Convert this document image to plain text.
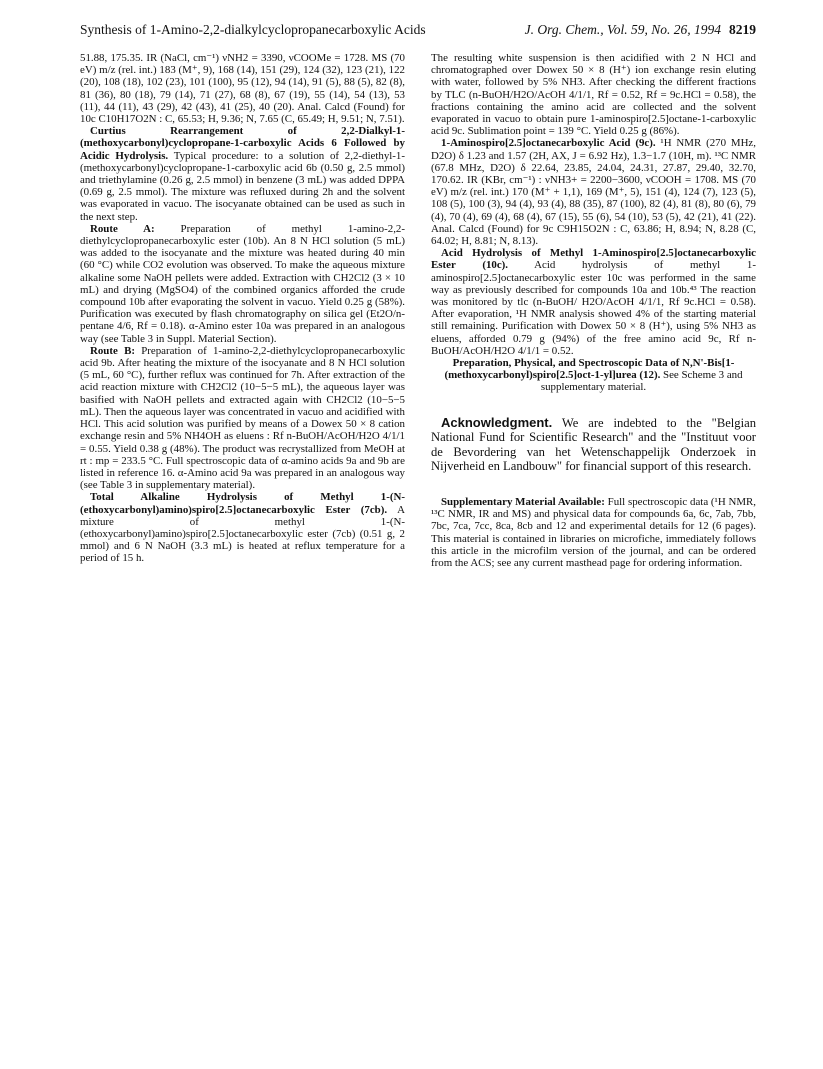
Synthesis of 1-Amino-2,2-dialkylcyclopropanecarboxylic Acids	J. Org. Chem., Vol. 59, No. 26, 1994 8219

51.88, 175.35. IR (NaCl, cm⁻¹) νNH2 = 3390, νCOOMe = 1728. MS (70 eV) m/z (rel. int.) 183 (M⁺, 9), 168 (14), 151 (29), 124 (32), 123 (21), 122 (20), 108 (18), 102 (23), 101 (100), 95 (12), 94 (14), 91 (5), 88 (5), 82 (8), 81 (36), 80 (18), 79 (14), 71 (27), 68 (8), 67 (19), 55 (14), 54 (13), 53 (11), 44 (11), 43 (29), 42 (43), 41 (25), 40 (20). Anal. Calcd (Found) for 10c C10H17O2N : C, 65.53; H, 9.36; N, 7.65 (C, 65.49; H, 9.51; N, 7.51).

Curtius Rearrangement of 2,2-Dialkyl-1-(methoxycarbonyl)cyclopropane-1-carboxylic Acids 6 Followed by Acidic Hydrolysis. Typical procedure: to a solution of 2,2-diethyl-1-(methoxycarbonyl)cyclopropane-1-carboxylic acid 6b (0.50 g, 2.5 mmol) and triethylamine (0.26 g, 2.5 mmol) in benzene (3 mL) was added DPPA (0.69 g, 2.5 mmol). The mixture was refluxed during 2h and the solvent was evaporated in vacuo. The isocyanate obtained can be used as such in the next step.

Route A: Preparation of methyl 1-amino-2,2-diethylcyclopropanecarboxylic ester (10b). An 8 N HCl solution (5 mL) was added to the isocyanate and the mixture was heated during 40 min (60 °C) while CO2 evolution was observed. To make the aqueous mixture alkaline some NaOH pellets were added. Extraction with CH2Cl2 (3 × 10 mL) and drying (MgSO4) of the combined organics afforded the crude compound 10b after evaporating the solvent in vacuo. Yield 0.25 g (58%). Purification was executed by flash chromatography on silica gel (Et2O/n-pentane 4/6, Rf = 0.18). α-Amino ester 10a was prepared in an analogous way (see Table 3 in Suppl. Material Section).

Route B: Preparation of 1-amino-2,2-diethylcyclopropanecarboxylic acid 9b. After heating the mixture of the isocyanate and 8 N HCl solution (5 mL, 60 °C), further reflux was continued for 7h. After extraction of the acid reaction mixture with CH2Cl2 (10−5−5 mL), the aqueous layer was basified with NaOH pellets and extracted again with CH2Cl2 (10−5−5 mL). Then the aqueous layer was concentrated in vacuo and acidified with HCl. This acid solution was purified by means of a Dowex 50 × 8 cation exchange resin and 5% NH4OH as eluens : Rf n-BuOH/AcOH/H2O 4/1/1 = 0.55. Yield 0.38 g (48%). The product was recrystallized from MeOH at rt : mp = 233.5 °C. Full spectroscopic data of α-amino acids 9a and 9b are listed in reference 16. α-Amino acid 9a was prepared in an analogous way (see Table 3 in supplementary material).

Total Alkaline Hydrolysis of Methyl 1-(N-(ethoxycarbonyl)amino)spiro[2.5]octanecarboxylic Ester (7cb). A mixture of methyl 1-(N-(ethoxycarbonyl)amino)spiro[2.5]octanecarboxylic ester (7cb) (0.51 g, 2 mmol) and 6 N NaOH (3.3 mL) is heated at reflux temperature for a period of 15 h.

The resulting white suspension is then acidified with 2 N HCl and chromatographed over Dowex 50 × 8 (H⁺) ion exchange resin eluting with water, followed by 5% NH3. After checking the different fractions by TLC (n-BuOH/H2O/AcOH 4/1/1, Rf = 0.52, Rf = 9c.HCl = 0.58), the fractions containing the amino acid are collected and the solvent evaporated in vacuo to obtain pure 1-aminospiro[2.5]octane-1-carboxylic acid 9c. Sublimation point = 139 °C. Yield 0.25 g (86%).

1-Aminospiro[2.5]octanecarboxylic Acid (9c). ¹H NMR (270 MHz, D2O) δ 1.23 and 1.57 (2H, AX, J = 6.92 Hz), 1.3−1.7 (10H, m). ¹³C NMR (67.8 MHz, D2O) δ 22.64, 23.85, 24.04, 24.31, 27.87, 29.40, 32.70, 170.62. IR (KBr, cm⁻¹) : νNH3+ = 2200−3600, νCOOH = 1708. MS (70 eV) m/z (rel. int.) 170 (M⁺ + 1,1), 169 (M⁺, 5), 151 (4), 124 (7), 123 (5), 108 (5), 100 (3), 94 (4), 93 (4), 88 (35), 87 (100), 82 (4), 81 (8), 80 (6), 79 (4), 70 (4), 69 (4), 68 (4), 67 (15), 55 (6), 54 (10), 53 (5), 42 (21), 41 (22). Anal. Calcd (Found) for 9c C9H15O2N : C, 63.86; H, 8.94; N, 8.28 (C, 64.02; H, 8.81; N, 8.13).

Acid Hydrolysis of Methyl 1-Aminospiro[2.5]octanecarboxylic Ester (10c). Acid hydrolysis of methyl 1-aminospiro[2.5]octanecarboxylic ester 10c was performed in the same way as previously described for compounds 10a and 10b.⁴³ The reaction was monitored by tlc (n-BuOH/ H2O/AcOH 4/1/1, Rf 9c.HCl = 0.58). After evaporation, ¹H NMR analysis showed 4% of the starting material still remaining. Purification with Dowex 50 × 8 (H⁺), using 5% NH3 as eluens, afforded 0.79 g (94%) of the free amino acid 9c, Rf n-BuOH/AcOH/H2O 4/1/1 = 0.52.

Preparation, Physical, and Spectroscopic Data of N,N'-Bis[1-(methoxycarbonyl)spiro[2.5]oct-1-yl]urea (12). See Scheme 3 and supplementary material.

Acknowledgment. We are indebted to the "Belgian National Fund for Scientific Research" and the "Instituut voor de Bevordering van het Wetenschappelijk Onderzoek in Nijverheid en Landbouw" for financial support of this research.

Supplementary Material Available: Full spectroscopic data (¹H NMR, ¹³C NMR, IR and MS) and physical data for compounds 6a, 6c, 7ab, 7bb, 7bc, 7ca, 7cc, 8ca, 8cb and 12 and experimental details for 12 (6 pages). This material is contained in libraries on microfiche, immediately follows this article in the microfilm version of the journal, and can be ordered from the ACS; see any current masthead page for ordering information.
